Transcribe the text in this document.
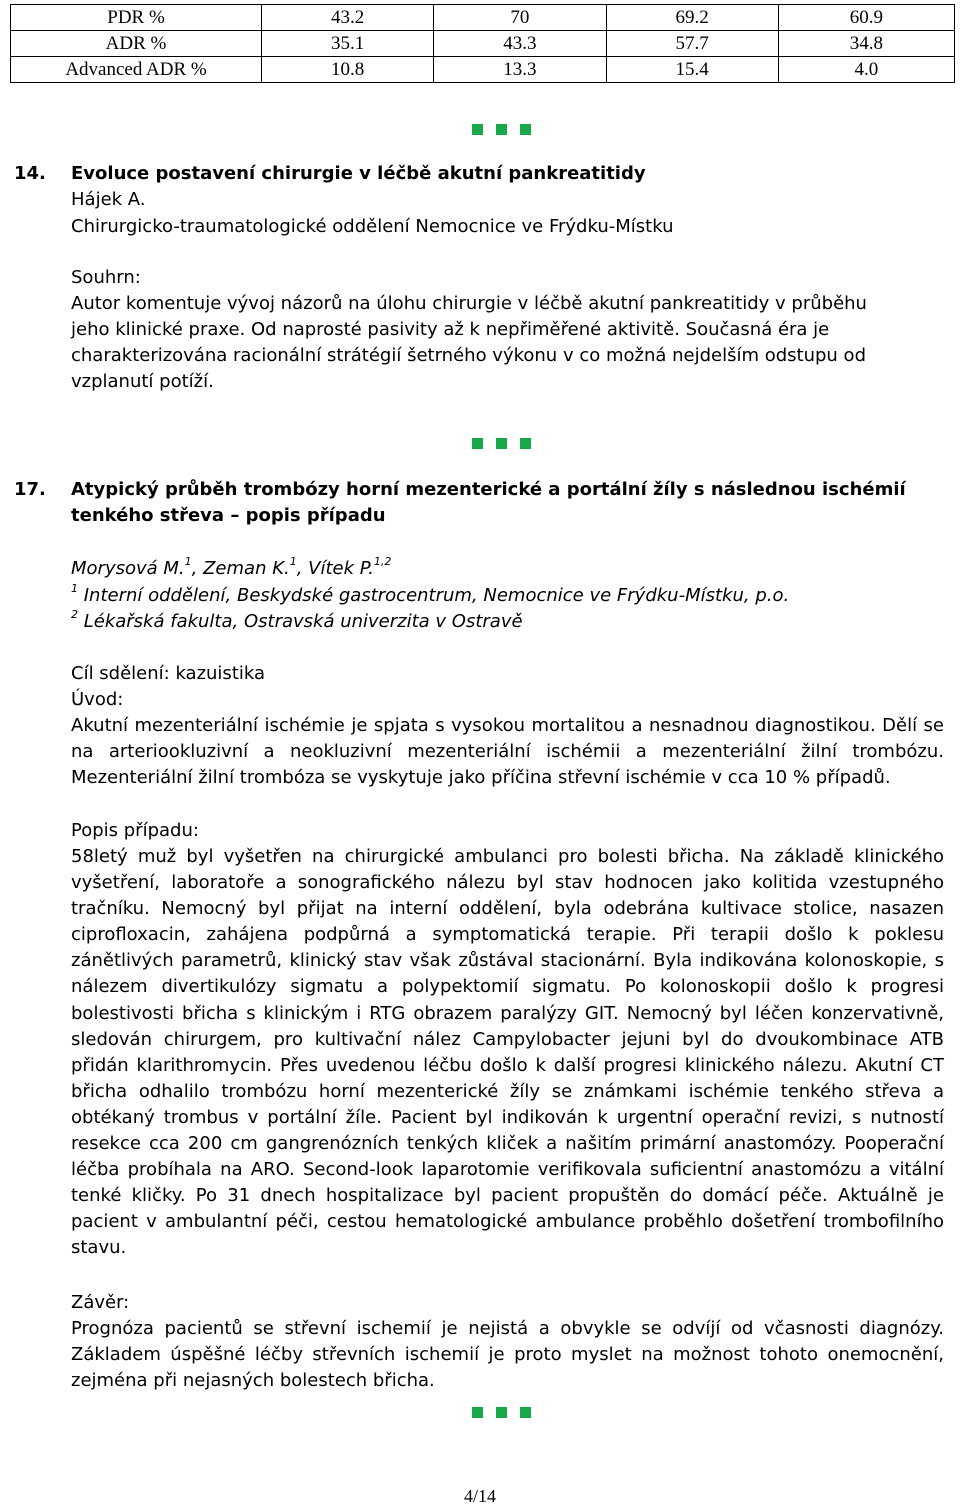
PDR %	43.2	70	69.2	60.9
ADR %	35.1	43.3	57.7	34.8
Advanced ADR %	10.8	13.3	15.4	4.0
14. Evoluce postavení chirurgie v léčbě akutní pankreatitidy
Hájek A.
Chirurgicko-traumatologické oddělení Nemocnice ve Frýdku-Místku
Souhrn:
Autor komentuje vývoj názorů na úlohu chirurgie v léčbě akutní pankreatitidy v průběhu jeho klinické praxe. Od naprosté pasivity až k nepřiměřené aktivitě. Současná éra je charakterizována racionální strátégií šetrného výkonu v co možná nejdelším odstupu od vzplanutí potíží.
17. Atypický průběh trombózy horní mezenterické a portální žíly s následnou ischémií tenkého střeva – popis případu
Morysová M.$^1$, Zeman K.$^1$, Vítek P.$^{1,2}$
$^1$ Interní oddělení, Beskydské gastrocentrum, Nemocnice ve Frýdku-Místku, p.o.
$^2$ Lékařská fakulta, Ostravská univerzita v Ostravě
Cíl sdělení: kazuistika
Úvod:
Akutní mezenteriální ischémie je spjata s vysokou mortalitou a nesnadnou diagnostikou. Dělí se na arteriookluzivní a neokluzivní mezenteriální ischémii a mezenteriální žilní trombózu. Mezenteriální žilní trombóza se vyskytuje jako příčina střevní ischémie v cca 10 % případů.
Popis případu:
58letý muž byl vyšetřen na chirurgické ambulanci pro bolesti břicha. Na základě klinického vyšetření, laboratoře a sonografického nálezu byl stav hodnocen jako kolitida vzestupného tračníku. Nemocný byl přijat na interní oddělení, byla odebrána kultivace stolice, nasazen ciprofloxacin, zahájena podpůrná a symptomatická terapie. Při terapii došlo k poklesu zánětlivých parametrů, klinický stav však zůstával stacionární. Byla indikována kolonoskopie, s nálezem divertikulózy sigmatu a polypektomií sigmatu. Po kolonoskopii došlo k progresi bolestivosti břicha s klinickým i RTG obrazem paralýzy GIT. Nemocný byl léčen konzervativně, sledován chirurgem, pro kultivační nález Campylobacter jejuni byl do dvoukombinace ATB přidán klarithromycin. Přes uvedenou léčbu došlo k další progresi klinického nálezu. Akutní CT břicha odhalilo trombózu horní mezenterické žíly se známkami ischémie tenkého střeva a obtékaný trombus v portální žíle. Pacient byl indikován k urgentní operační revizi, s nutností resekce cca 200 cm gangrenózních tenkých kliček a našitím primární anastomózy. Pooperační léčba probíhala na ARO. Second-look laparotomie verifikovala suficientní anastomózu a vitální tenké kličky. Po 31 dnech hospitalizace byl pacient propuštěn do domácí péče. Aktuálně je pacient v ambulantní péči, cestou hematologické ambulance proběhlo došetření trombofilního stavu.
Závěr:
Prognóza pacientů se střevní ischemií je nejistá a obvykle se odvíjí od včasnosti diagnózy. Základem úspěšné léčby střevních ischemií je proto myslet na možnost tohoto onemocnění, zejména při nejasných bolestech břicha.
4/14
